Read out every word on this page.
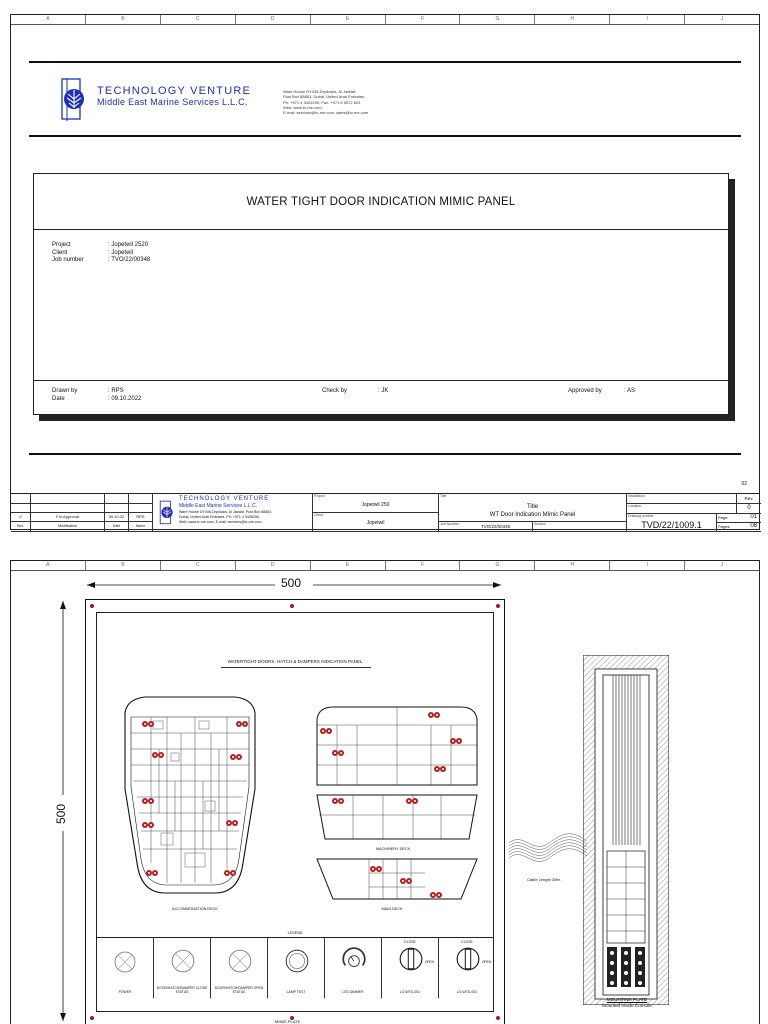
A	B	C	D	E	F	G	H	I	J
TECHNOLOGY VENTURE
Middle East Marine Services L.L.C.
Ware House DY036-Drydocks, Al Jaddaf,
Post Box 88863, Dubai, United Arab Emirates,
Ph: +971 4 3426290, Fax: +971 6 5572 603
Web: www.tv-me.com,
E-mail: services@tv-me.com, sales@tv-me.com
WATER TIGHT DOOR INDICATION MIMIC PANEL
Project	: Jopetwil 2520
Client	: Jopetwil
Job number	: TVO/22/00348
Drawn by	: RPS
Date	: 09.10.2022
Check by	: JK	Approved by	: AS
02
0	For Approval	09.10.22	RPS
Rev.	Modification	Date	Name
TECHNOLOGY VENTURE
Middle East Marine Services L.L.C.
Ware House DY036-Drydocks, Al Jaddaf, Post Box 88863,
Dubai, United Arab Emirates, Ph: +971 4 3426290,
Web: www.tv-me.com, E-mail: services@tv-me.com
Project
Jopetwil 250
Client
Jopetwil
Title
Title
WT Door Indication Mimic Panel
Job Number	TVO/22/00348	Section
Installation	Rev.
Location	0
Drawing number
TVD/22/1009.1
Page:	01
Pages:	08
A	B	C	D	E	F	G	H	I	J
500
500
WATERTIGHT DOORS, HATCH & DAMPERS INDICATION PANEL
ACCOMMODATION DECK
MACHINERY DECK
MAIN DECK
LEGEND
POWER
DOOR/HATCH/DAMPER CLOSE STATUS
DOOR/HATCH/DAMPER OPEN STATUS	LAMP TEST	LED DIMMER
CLOSE
OPEN
LO-WTD-001
CLOSE
OPEN
LO-WTD-002
MIMIC PLATE
Cable Length 2Mtr.
MOUNTING PLATE
Mounted Inside Console
